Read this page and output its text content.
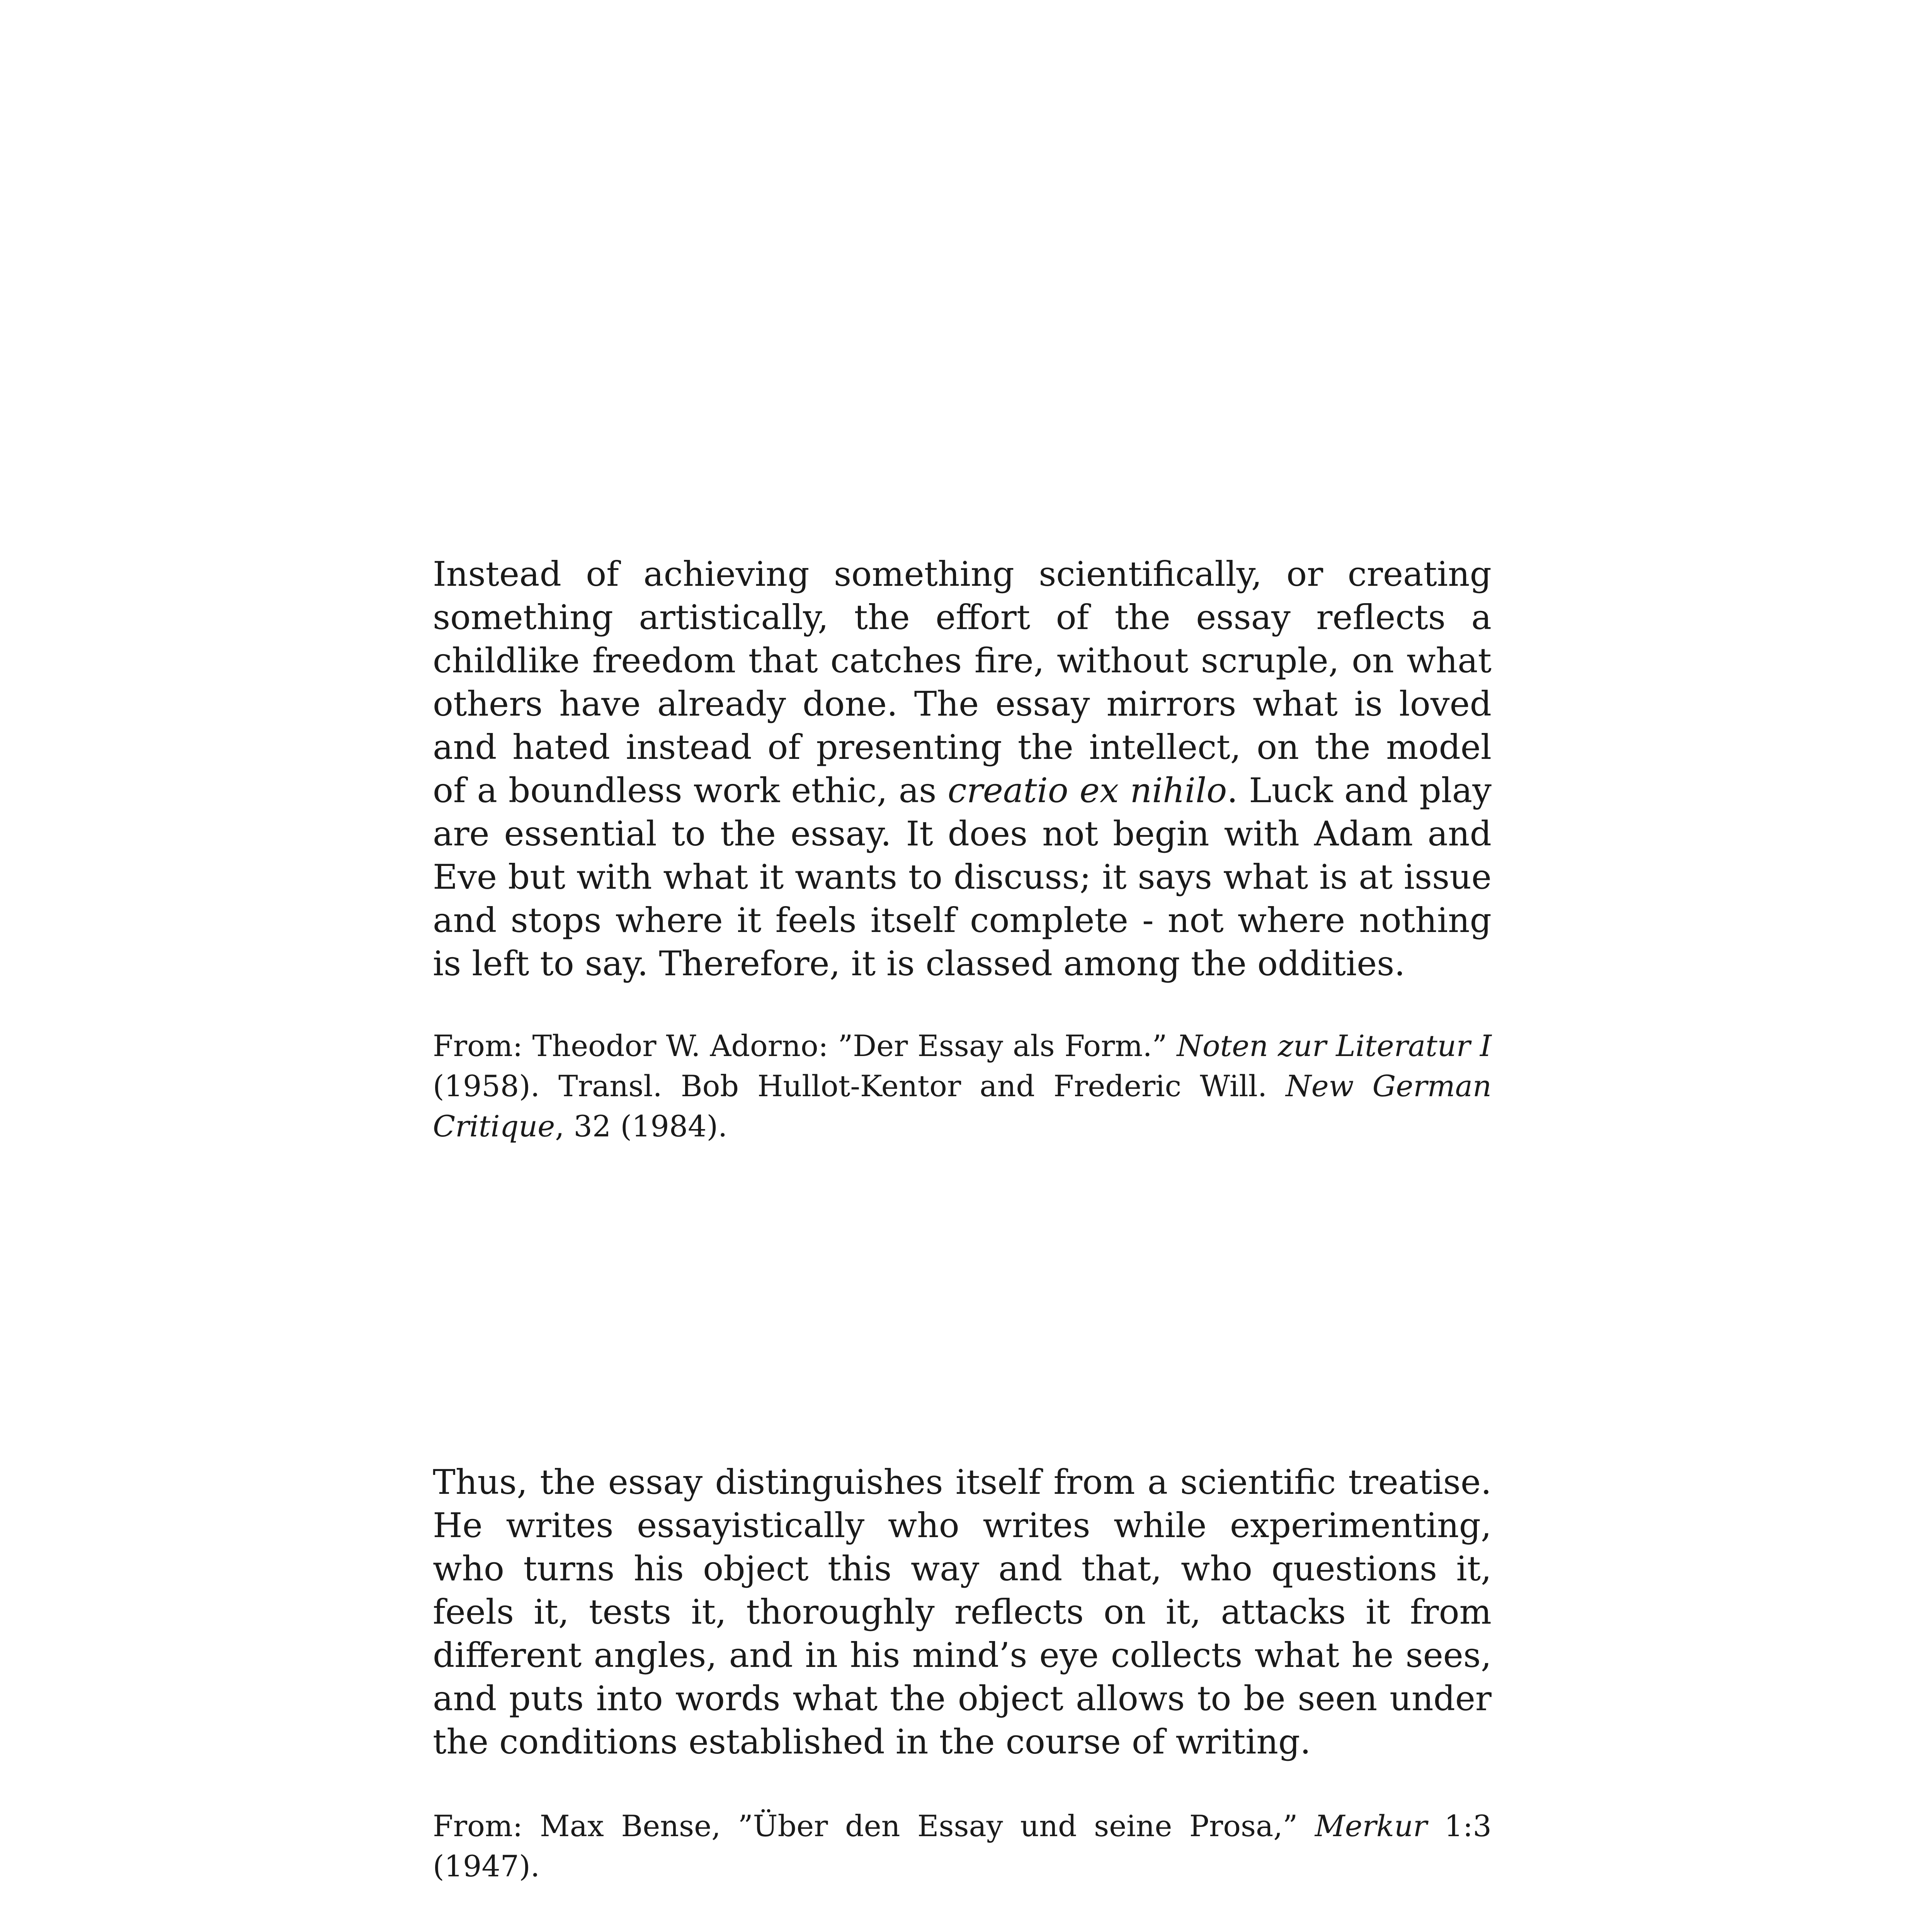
Instead of achieving something scientifically, or creating something artistically, the effort of the essay reflects a childlike freedom that catches fire, without scruple, on what others have already done. The essay mirrors what is loved and hated instead of presenting the intellect, on the model of a boundless work ethic, as creatio ex nihilo. Luck and play are essential to the essay. It does not begin with Adam and Eve but with what it wants to discuss; it says what is at issue and stops where it feels itself complete - not where nothing is left to say. Therefore, it is classed among the oddities.

From: Theodor W. Adorno: ”Der Essay als Form.” Noten zur Literatur I (1958). Transl. Bob Hullot-Kentor and Frederic Will. New German Critique, 32 (1984).

Thus, the essay distinguishes itself from a scientific treatise. He writes essayistically who writes while experimenting, who turns his object this way and that, who questions it, feels it, tests it, thoroughly reflects on it, attacks it from different angles, and in his mind’s eye collects what he sees, and puts into words what the object allows to be seen under the conditions established in the course of writing.

From: Max Bense, ”Über den Essay und seine Prosa,” Merkur 1:3 (1947).
